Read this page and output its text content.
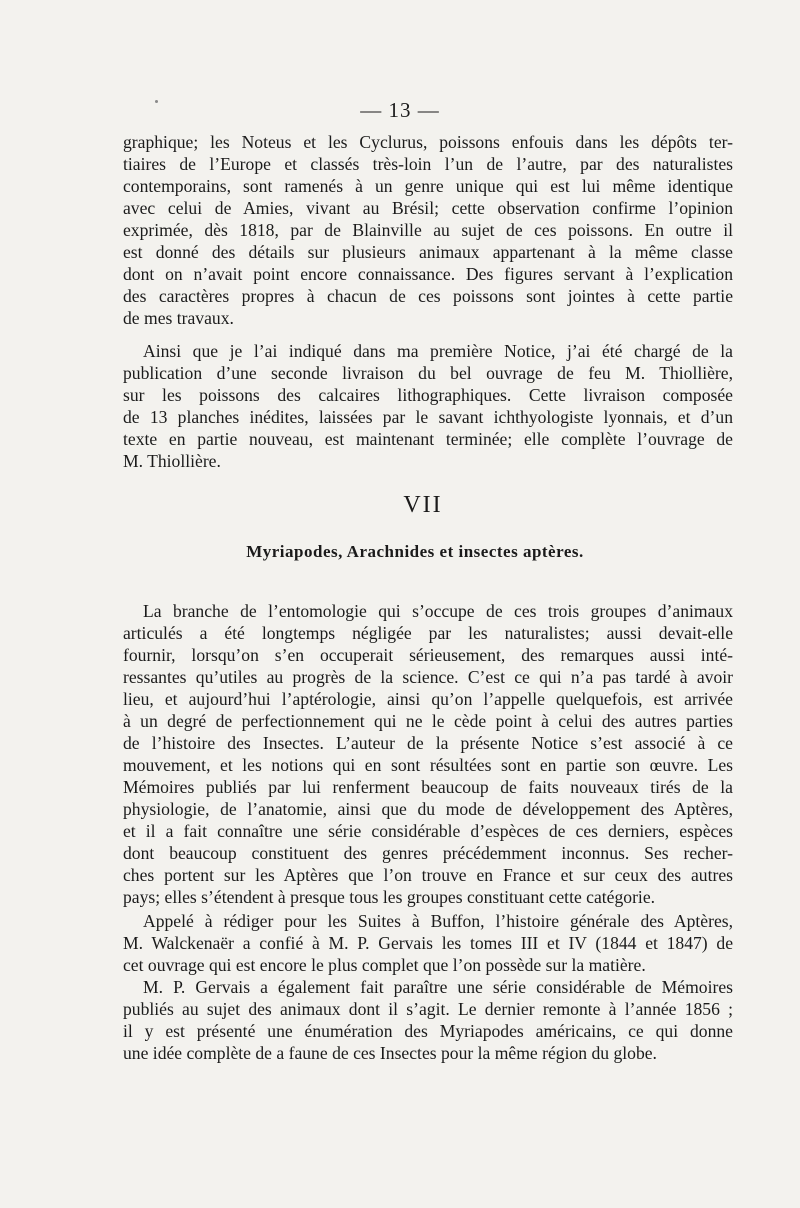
— 13 —
graphique; les Noteus et les Cyclurus, poissons enfouis dans les dépôts ter-
tiaires de l’Europe et classés très-loin l’un de l’autre, par des naturalistes
contemporains, sont ramenés à un genre unique qui est lui même identique
avec celui de Amies, vivant au Brésil; cette observation confirme l’opinion
exprimée, dès 1818, par de Blainville au sujet de ces poissons. En outre il
est donné des détails sur plusieurs animaux appartenant à la même classe
dont on n’avait point encore connaissance. Des figures servant à l’explication
des caractères propres à chacun de ces poissons sont jointes à cette partie
de mes travaux.
Ainsi que je l’ai indiqué dans ma première Notice, j’ai été chargé de la
publication d’une seconde livraison du bel ouvrage de feu M. Thiollière,
sur les poissons des calcaires lithographiques. Cette livraison composée
de 13 planches inédites, laissées par le savant ichthyologiste lyonnais, et d’un
texte en partie nouveau, est maintenant terminée; elle complète l’ouvrage de
M. Thiollière.
VII
Myriapodes, Arachnides et insectes aptères.
La branche de l’entomologie qui s’occupe de ces trois groupes d’animaux
articulés a été longtemps négligée par les naturalistes; aussi devait-elle
fournir, lorsqu’on s’en occuperait sérieusement, des remarques aussi inté-
ressantes qu’utiles au progrès de la science. C’est ce qui n’a pas tardé à avoir
lieu, et aujourd’hui l’aptérologie, ainsi qu’on l’appelle quelquefois, est arrivée
à un degré de perfectionnement qui ne le cède point à celui des autres parties
de l’histoire des Insectes. L’auteur de la présente Notice s’est associé à ce
mouvement, et les notions qui en sont résultées sont en partie son œuvre. Les
Mémoires publiés par lui renferment beaucoup de faits nouveaux tirés de la
physiologie, de l’anatomie, ainsi que du mode de développement des Aptères,
et il a fait connaître une série considérable d’espèces de ces derniers, espèces
dont beaucoup constituent des genres précédemment inconnus. Ses recher-
ches portent sur les Aptères que l’on trouve en France et sur ceux des autres
pays; elles s’étendent à presque tous les groupes constituant cette catégorie.
Appelé à rédiger pour les Suites à Buffon, l’histoire générale des Aptères,
M. Walckenaër a confié à M. P. Gervais les tomes III et IV (1844 et 1847) de
cet ouvrage qui est encore le plus complet que l’on possède sur la matière.
M. P. Gervais a également fait paraître une série considérable de Mémoires
publiés au sujet des animaux dont il s’agit. Le dernier remonte à l’année 1856 ;
il y est présenté une énumération des Myriapodes américains, ce qui donne
une idée complète de a faune de ces Insectes pour la même région du globe.
